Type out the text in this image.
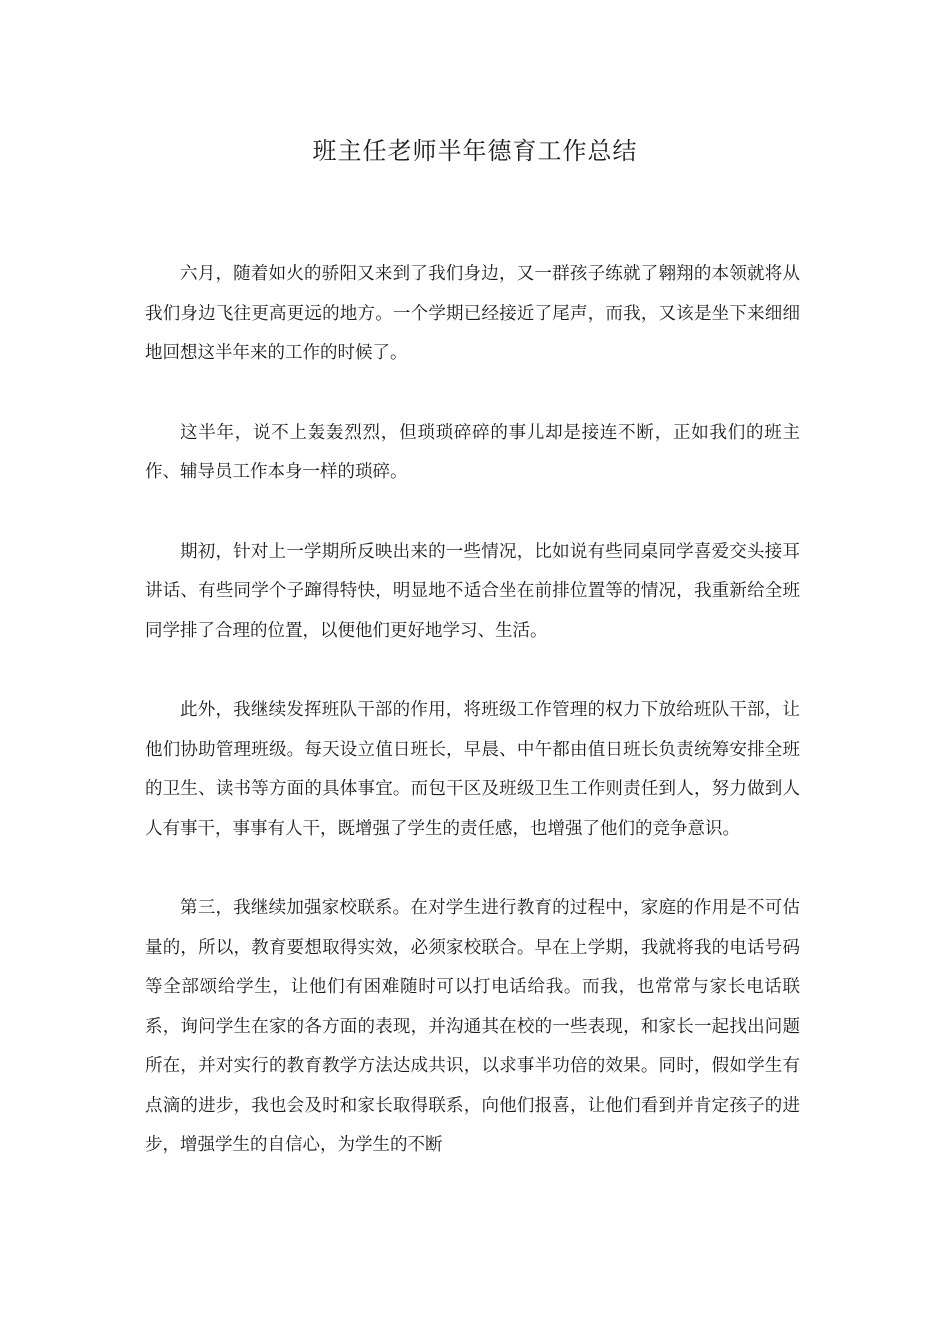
班主任老师半年德育工作总结

六月，随着如火的骄阳又来到了我们身边，又一群孩子练就了翱翔的本领就将从我们身边飞往更高更远的地方。一个学期已经接近了尾声，而我，又该是坐下来细细地回想这半年来的工作的时候了。

这半年，说不上轰轰烈烈，但琐琐碎碎的事儿却是接连不断，正如我们的班主作、辅导员工作本身一样的琐碎。

期初，针对上一学期所反映出来的一些情况，比如说有些同桌同学喜爱交头接耳讲话、有些同学个子蹿得特快，明显地不适合坐在前排位置等的情况，我重新给全班同学排了合理的位置，以便他们更好地学习、生活。

此外，我继续发挥班队干部的作用，将班级工作管理的权力下放给班队干部，让他们协助管理班级。每天设立值日班长，早晨、中午都由值日班长负责统筹安排全班的卫生、读书等方面的具体事宜。而包干区及班级卫生工作则责任到人，努力做到人人有事干，事事有人干，既增强了学生的责任感，也增强了他们的竞争意识。

第三，我继续加强家校联系。在对学生进行教育的过程中，家庭的作用是不可估量的，所以，教育要想取得实效，必须家校联合。早在上学期，我就将我的电话号码等全部颂给学生，让他们有困难随时可以打电话给我。而我，也常常与家长电话联系，询问学生在家的各方面的表现，并沟通其在校的一些表现，和家长一起找出问题所在，并对实行的教育教学方法达成共识，以求事半功倍的效果。同时，假如学生有点滴的进步，我也会及时和家长取得联系，向他们报喜，让他们看到并肯定孩子的进步，增强学生的自信心，为学生的不断
